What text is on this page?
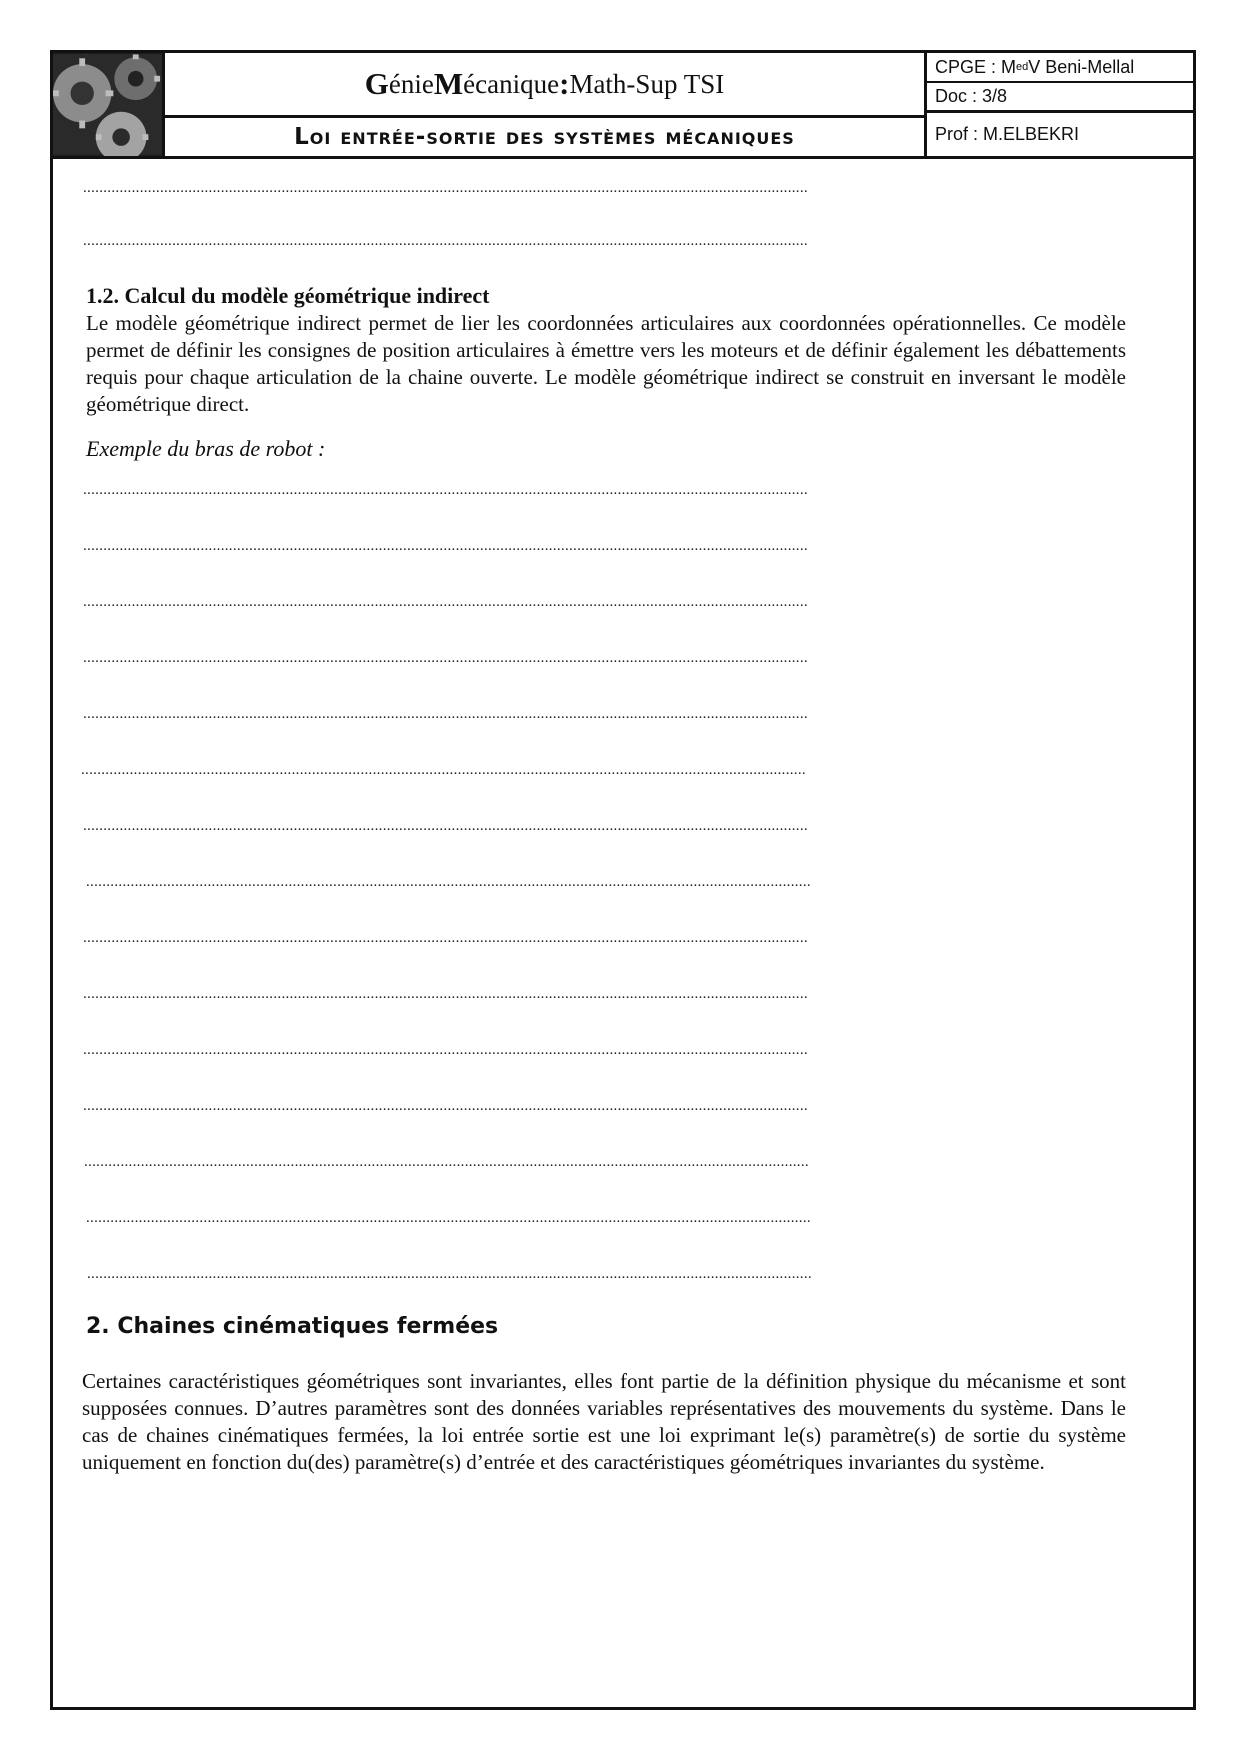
G énie M écanique : Math-Sup TSI
Loi entrée-sortie des systèmes mécaniques
CPGE : M ed V Beni-Mellal
Doc : 3/8
Prof : M.ELBEKRI
...................................................................................................................................................................................
...................................................................................................................................................................................
1.2. Calcul du modèle géométrique indirect
Le modèle géométrique indirect permet de lier les coordonnées articulaires aux coordonnées opérationnelles. Ce modèle permet de définir les consignes de position articulaires à émettre vers les moteurs et de définir également les débattements requis pour chaque articulation de la chaine ouverte. Le modèle géométrique indirect se construit en inversant le modèle géométrique direct.
Exemple du bras de robot :
...................................................................................................................................................................................
...................................................................................................................................................................................
...................................................................................................................................................................................
...................................................................................................................................................................................
...................................................................................................................................................................................
...................................................................................................................................................................................
...................................................................................................................................................................................
...................................................................................................................................................................................
...................................................................................................................................................................................
...................................................................................................................................................................................
...................................................................................................................................................................................
...................................................................................................................................................................................
...................................................................................................................................................................................
...................................................................................................................................................................................
...................................................................................................................................................................................
2. Chaines cinématiques fermées
Certaines caractéristiques géométriques sont invariantes, elles font partie de la définition physique du mécanisme et sont supposées connues. D’autres paramètres sont des données variables représentatives des mouvements du système. Dans le cas de chaines cinématiques fermées, la loi entrée sortie est une loi exprimant le(s) paramètre(s) de sortie du système uniquement en fonction du(des) paramètre(s) d’entrée et des caractéristiques géométriques invariantes du système.
